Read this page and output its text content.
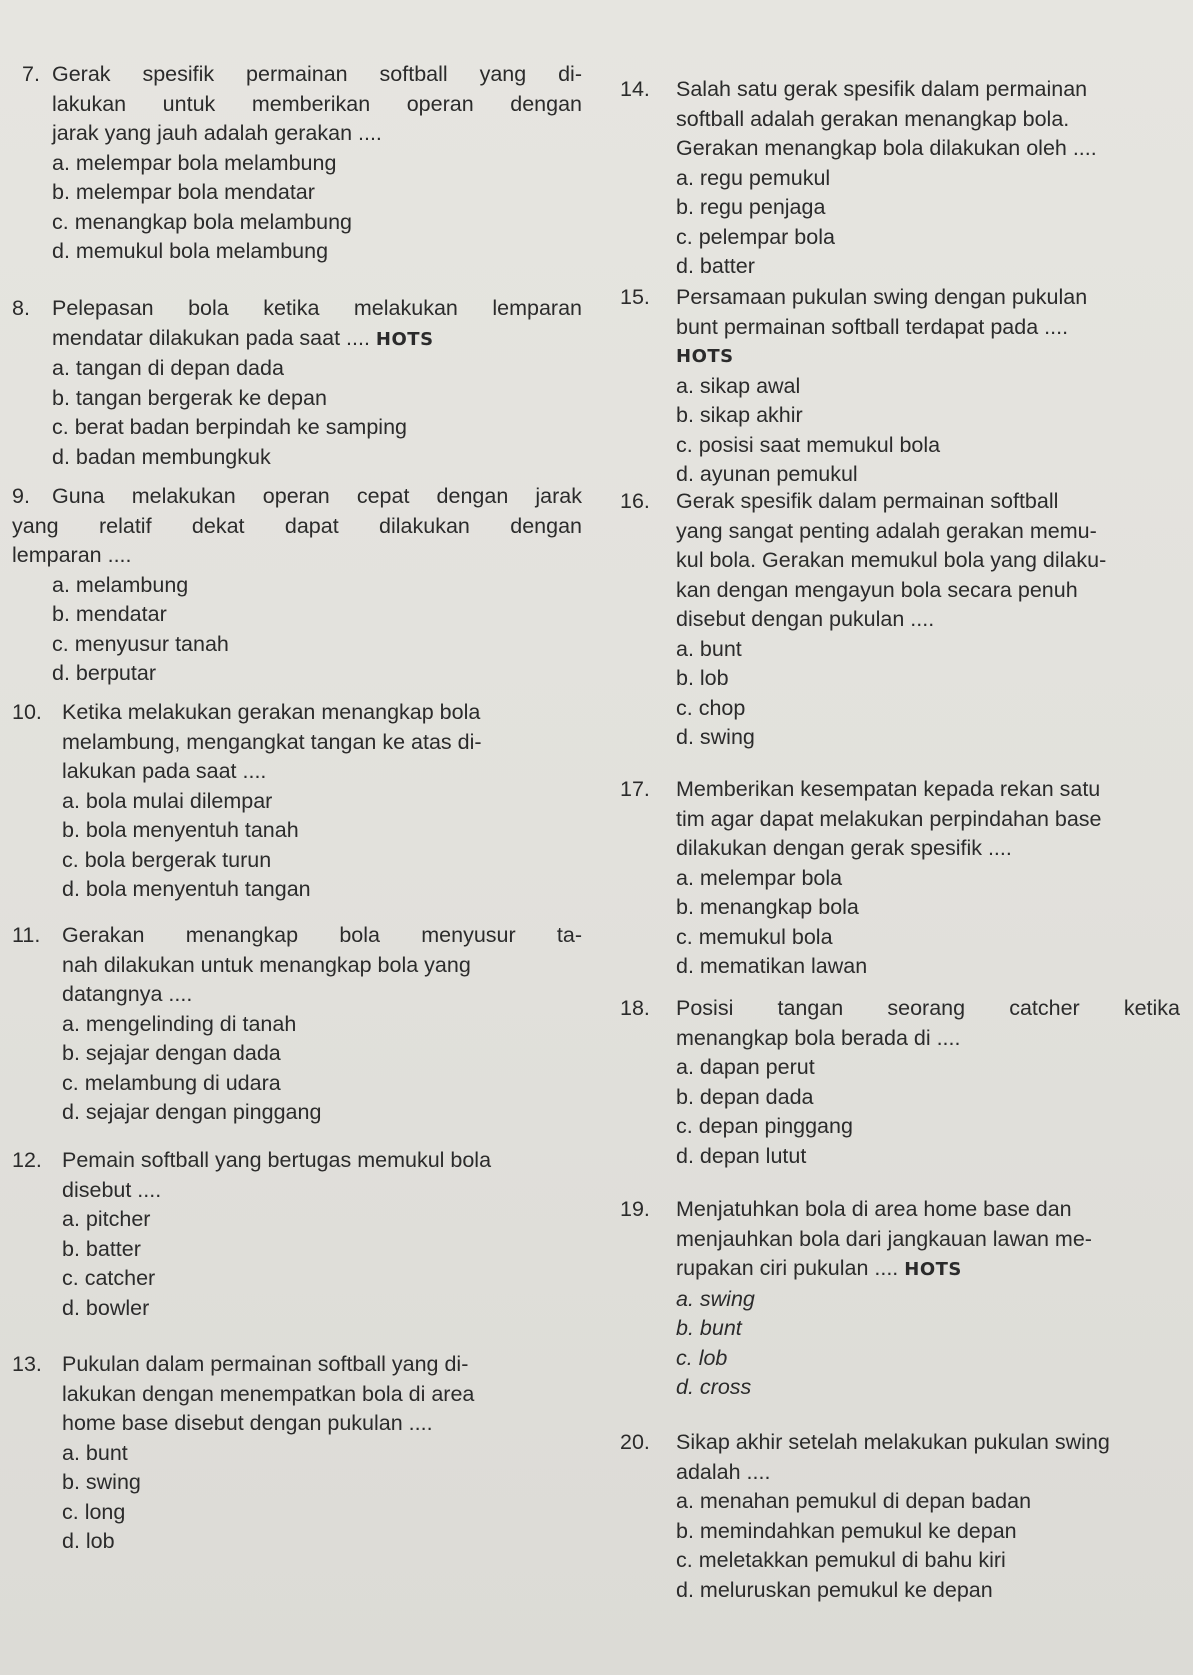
7. Gerak spesifik permainan softball yang di-
lakukan untuk memberikan operan dengan
jarak yang jauh adalah gerakan ....
a. melempar bola melambung
b. melempar bola mendatar
c. menangkap bola melambung
d. memukul bola melambung
8. Pelepasan bola ketika melakukan lemparan
mendatar dilakukan pada saat .... HOTS
a. tangan di depan dada
b. tangan bergerak ke depan
c. berat badan berpindah ke samping
d. badan membungkuk
9. Guna melakukan operan cepat dengan jarak
yang relatif dekat dapat dilakukan dengan
lemparan ....
a. melambung
b. mendatar
c. menyusur tanah
d. berputar
10. Ketika melakukan gerakan menangkap bola
melambung, mengangkat tangan ke atas di-
lakukan pada saat ....
a. bola mulai dilempar
b. bola menyentuh tanah
c. bola bergerak turun
d. bola menyentuh tangan
11. Gerakan menangkap bola menyusur ta-
nah dilakukan untuk menangkap bola yang
datangnya ....
a. mengelinding di tanah
b. sejajar dengan dada
c. melambung di udara
d. sejajar dengan pinggang
12. Pemain softball yang bertugas memukul bola
disebut ....
a. pitcher
b. batter
c. catcher
d. bowler
13. Pukulan dalam permainan softball yang di-
lakukan dengan menempatkan bola di area
home base disebut dengan pukulan ....
a. bunt
b. swing
c. long
d. lob
14. Salah satu gerak spesifik dalam permainan
softball adalah gerakan menangkap bola.
Gerakan menangkap bola dilakukan oleh ....
a. regu pemukul
b. regu penjaga
c. pelempar bola
d. batter
15. Persamaan pukulan swing dengan pukulan
bunt permainan softball terdapat pada ....
HOTS
a. sikap awal
b. sikap akhir
c. posisi saat memukul bola
d. ayunan pemukul
16. Gerak spesifik dalam permainan softball
yang sangat penting adalah gerakan memu-
kul bola. Gerakan memukul bola yang dilaku-
kan dengan mengayun bola secara penuh
disebut dengan pukulan ....
a. bunt
b. lob
c. chop
d. swing
17. Memberikan kesempatan kepada rekan satu
tim agar dapat melakukan perpindahan base
dilakukan dengan gerak spesifik ....
a. melempar bola
b. menangkap bola
c. memukul bola
d. mematikan lawan
18. Posisi tangan seorang catcher ketika
menangkap bola berada di ....
a. dapan perut
b. depan dada
c. depan pinggang
d. depan lutut
19. Menjatuhkan bola di area home base dan
menjauhkan bola dari jangkauan lawan me-
rupakan ciri pukulan .... HOTS
a. swing
b. bunt
c. lob
d. cross
20. Sikap akhir setelah melakukan pukulan swing
adalah ....
a. menahan pemukul di depan badan
b. memindahkan pemukul ke depan
c. meletakkan pemukul di bahu kiri
d. meluruskan pemukul ke depan
